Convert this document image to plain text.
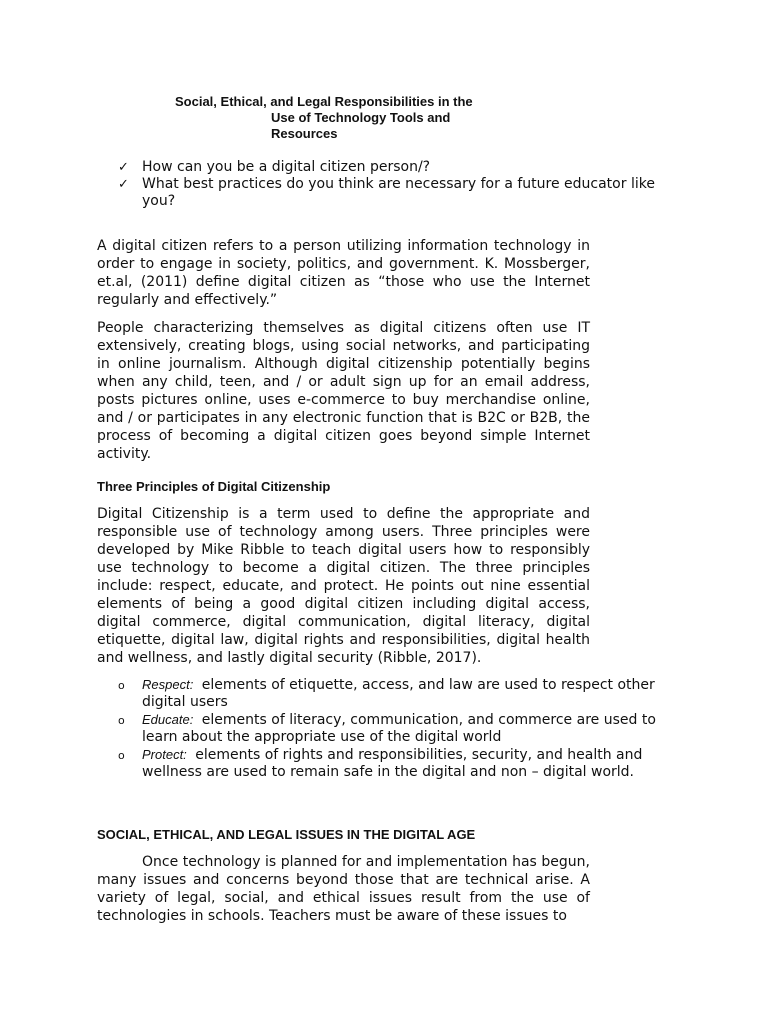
Social, Ethical, and Legal Responsibilities in the
Use of Technology Tools and
Resources
✓ How can you be a digital citizen person/?
✓ What best practices do you think are necessary for a future educator like you?

A digital citizen refers to a person utilizing information technology in order to engage in society, politics, and government. K. Mossberger, et.al, (2011) define digital citizen as “those who use the Internet regularly and effectively.”

People characterizing themselves as digital citizens often use IT extensively, creating blogs, using social networks, and participating in online journalism. Although digital citizenship potentially begins when any child, teen, and / or adult sign up for an email address, posts pictures online, uses e-commerce to buy merchandise online, and / or participates in any electronic function that is B2C or B2B, the process of becoming a digital citizen goes beyond simple Internet activity.

Three Principles of Digital Citizenship

Digital Citizenship is a term used to define the appropriate and responsible use of technology among users. Three principles were developed by Mike Ribble to teach digital users how to responsibly use technology to become a digital citizen. The three principles include: respect, educate, and protect. He points out nine essential elements of being a good digital citizen including digital access, digital commerce, digital communication, digital literacy, digital etiquette, digital law, digital rights and responsibilities, digital health and wellness, and lastly digital security (Ribble, 2017).

o Respect: elements of etiquette, access, and law are used to respect other digital users
o Educate: elements of literacy, communication, and commerce are used to learn about the appropriate use of the digital world
o Protect: elements of rights and responsibilities, security, and health and wellness are used to remain safe in the digital and non – digital world.
SOCIAL, ETHICAL, AND LEGAL ISSUES IN THE DIGITAL AGE

Once technology is planned for and implementation has begun, many issues and concerns beyond those that are technical arise. A variety of legal, social, and ethical issues result from the use of technologies in schools. Teachers must be aware of these issues to
